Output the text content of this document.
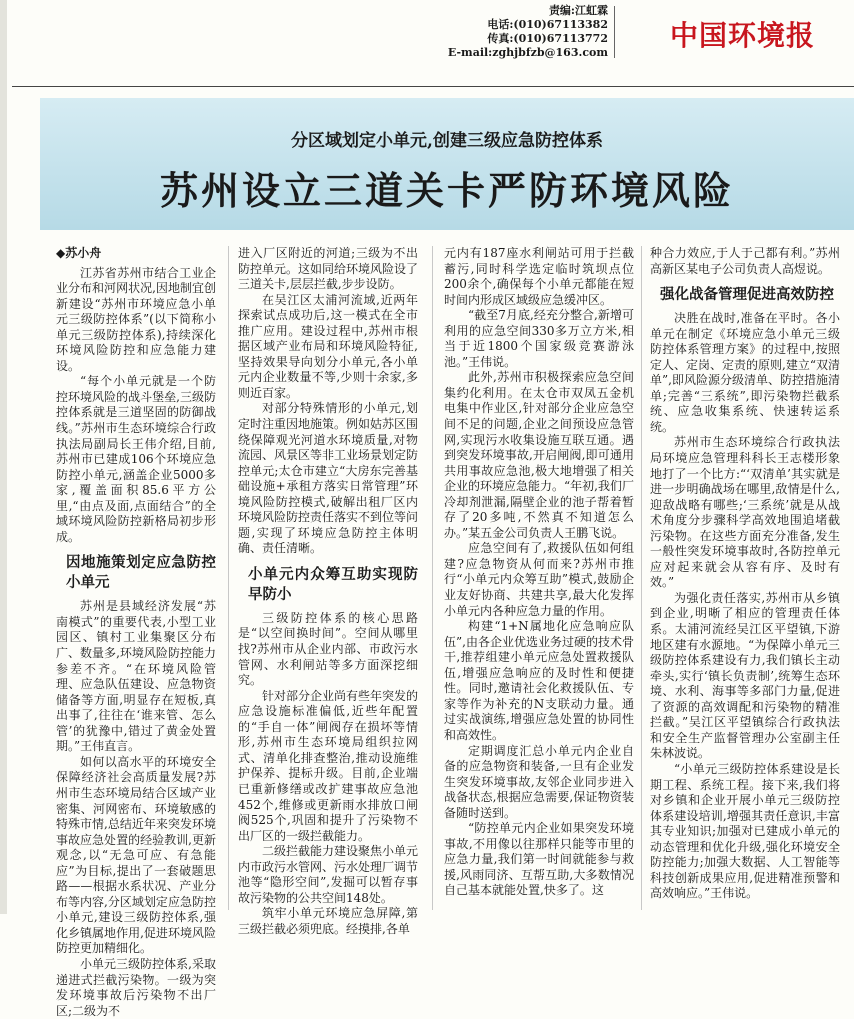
责编:江虹霖
电话:(010)67113382
传真:(010)67113772
E-mail:zghjbfzb@163.com
中国环境报
分区域划定小单元,创建三级应急防控体系
苏州设立三道关卡严防环境风险
◆苏小舟

江苏省苏州市结合工业企业分布和河网状况,因地制宜创新建设“苏州市环境应急小单元三级防控体系”(以下简称小单元三级防控体系),持续深化环境风险防控和应急能力建设。

“每个小单元就是一个防控环境风险的战斗堡垒,三级防控体系就是三道坚固的防御战线。”苏州市生态环境综合行政执法局副局长王伟介绍,目前,苏州市已建成106个环境应急防控小单元,涵盖企业5000多家,覆盖面积85.6平方公里,“由点及面,点面结合”的全域环境风险防控新格局初步形成。

因地施策划定应急防控小单元

苏州是县域经济发展“苏南模式”的重要代表,小型工业园区、镇村工业集聚区分布广、数量多,环境风险防控能力参差不齐。“在环境风险管理、应急队伍建设、应急物资储备等方面,明显存在短板,真出事了,往往在‘谁来管、怎么管’的犹豫中,错过了黄金处置期。”王伟直言。

如何以高水平的环境安全保障经济社会高质量发展?苏州市生态环境局结合区域产业密集、河网密布、环境敏感的特殊市情,总结近年来突发环境事故应急处置的经验教训,更新观念,以“无急可应、有急能应”为目标,提出了一套破题思路——根据水系状况、产业分布等内容,分区域划定应急防控小单元,建设三级防控体系,强化乡镇属地作用,促进环境风险防控更加精细化。

小单元三级防控体系,采取递进式拦截污染物。一级为突发环境事故后污染物不出厂区;二级为不

进入厂区附近的河道;三级为不出防控单元。这如同给环境风险设了三道关卡,层层拦截,步步设防。

在吴江区太浦河流域,近两年探索试点成功后,这一模式在全市推广应用。建设过程中,苏州市根据区域产业布局和环境风险特征,坚持效果导向划分小单元,各小单元内企业数量不等,少则十余家,多则近百家。

对部分特殊情形的小单元,划定时注重因地施策。例如姑苏区围绕保障观光河道水环境质量,对物流园、风景区等非工业场景划定防控单元;太仓市建立“大房东完善基础设施+承租方落实日常管理”环境风险防控模式,破解出租厂区内环境风险防控责任落实不到位等问题,实现了环境应急防控主体明确、责任清晰。

小单元内众筹互助实现防早防小

三级防控体系的核心思路是“以空间换时间”。空间从哪里找?苏州市从企业内部、市政污水管网、水利闸站等多方面深挖细究。

针对部分企业尚有些年突发的应急设施标准偏低,近些年配置的“手自一体”闸阀存在损坏等情形,苏州市生态环境局组织拉网式、清单化排查整治,推动设施维护保养、提标升级。目前,企业端已重新修缮或改扩建事故应急池452个,维修或更新雨水排放口闸阀525个,巩固和提升了污染物不出厂区的一级拦截能力。

二级拦截能力建设聚焦小单元内市政污水管网、污水处理厂调节池等“隐形空间”,发掘可以暂存事故污染物的公共空间148处。

筑牢小单元环境应急屏障,第三级拦截必须兜底。经摸排,各单

元内有187座水利闸站可用于拦截蓄污,同时科学选定临时筑坝点位200余个,确保每个小单元都能在短时间内形成区域级应急缓冲区。

“截至7月底,经充分整合,新增可利用的应急空间330多万立方米,相当于近1800个国家级竞赛游泳池。”王伟说。

此外,苏州市积极探索应急空间集约化利用。在太仓市双凤五金机电集中作业区,针对部分企业应急空间不足的问题,企业之间预设应急管网,实现污水收集设施互联互通。遇到突发环境事故,开启闸阀,即可通用共用事故应急池,极大地增强了相关企业的环境应急能力。“年初,我们厂冷却剂泄漏,隔壁企业的池子帮着暂存了20多吨,不然真不知道怎么办。”某五金公司负责人王鹏飞说。

应急空间有了,救援队伍如何组建?应急物资从何而来?苏州市推行“小单元内众筹互助”模式,鼓励企业友好协商、共建共享,最大化发挥小单元内各种应急力量的作用。

构建“1+N属地化应急响应队伍”,由各企业优选业务过硬的技术骨干,推荐组建小单元应急处置救援队伍,增强应急响应的及时性和便捷性。同时,邀请社会化救援队伍、专家等作为补充的N支联动力量。通过实战演练,增强应急处置的协同性和高效性。

定期调度汇总小单元内企业自备的应急物资和装备,一旦有企业发生突发环境事故,友邻企业同步进入战备状态,根据应急需要,保证物资装备随时送到。

“防控单元内企业如果突发环境事故,不用像以往那样只能等市里的应急力量,我们第一时间就能参与救援,风雨同济、互帮互助,大多数情况自己基本就能处置,快多了。这

种合力效应,于人于己都有利。”苏州高新区某电子公司负责人高煜说。

强化战备管理促进高效防控

决胜在战时,准备在平时。各小单元在制定《环境应急小单元三级防控体系管理方案》的过程中,按照定人、定岗、定责的原则,建立“双清单”,即风险源分级清单、防控措施清单;完善“三系统”,即污染物拦截系统、应急收集系统、快速转运系统。

苏州市生态环境综合行政执法局环境应急管理科科长王志楼形象地打了一个比方:“‘双清单’其实就是进一步明确战场在哪里,敌情是什么,迎敌战略有哪些;‘三系统’就是从战术角度分步骤科学高效地围追堵截污染物。在这些方面充分准备,发生一般性突发环境事故时,各防控单元应对起来就会从容有序、及时有效。”

为强化责任落实,苏州市从乡镇到企业,明晰了相应的管理责任体系。太浦河流经吴江区平望镇,下游地区建有水源地。“为保障小单元三级防控体系建设有力,我们镇长主动牵头,实行‘镇长负责制’,统筹生态环境、水利、海事等多部门力量,促进了资源的高效调配和污染物的精准拦截。”吴江区平望镇综合行政执法和安全生产监督管理办公室副主任朱林波说。

“小单元三级防控体系建设是长期工程、系统工程。接下来,我们将对乡镇和企业开展小单元三级防控体系建设培训,增强其责任意识,丰富其专业知识;加强对已建成小单元的动态管理和优化升级,强化环境安全防控能力;加强大数据、人工智能等科技创新成果应用,促进精准预警和高效响应。”王伟说。
